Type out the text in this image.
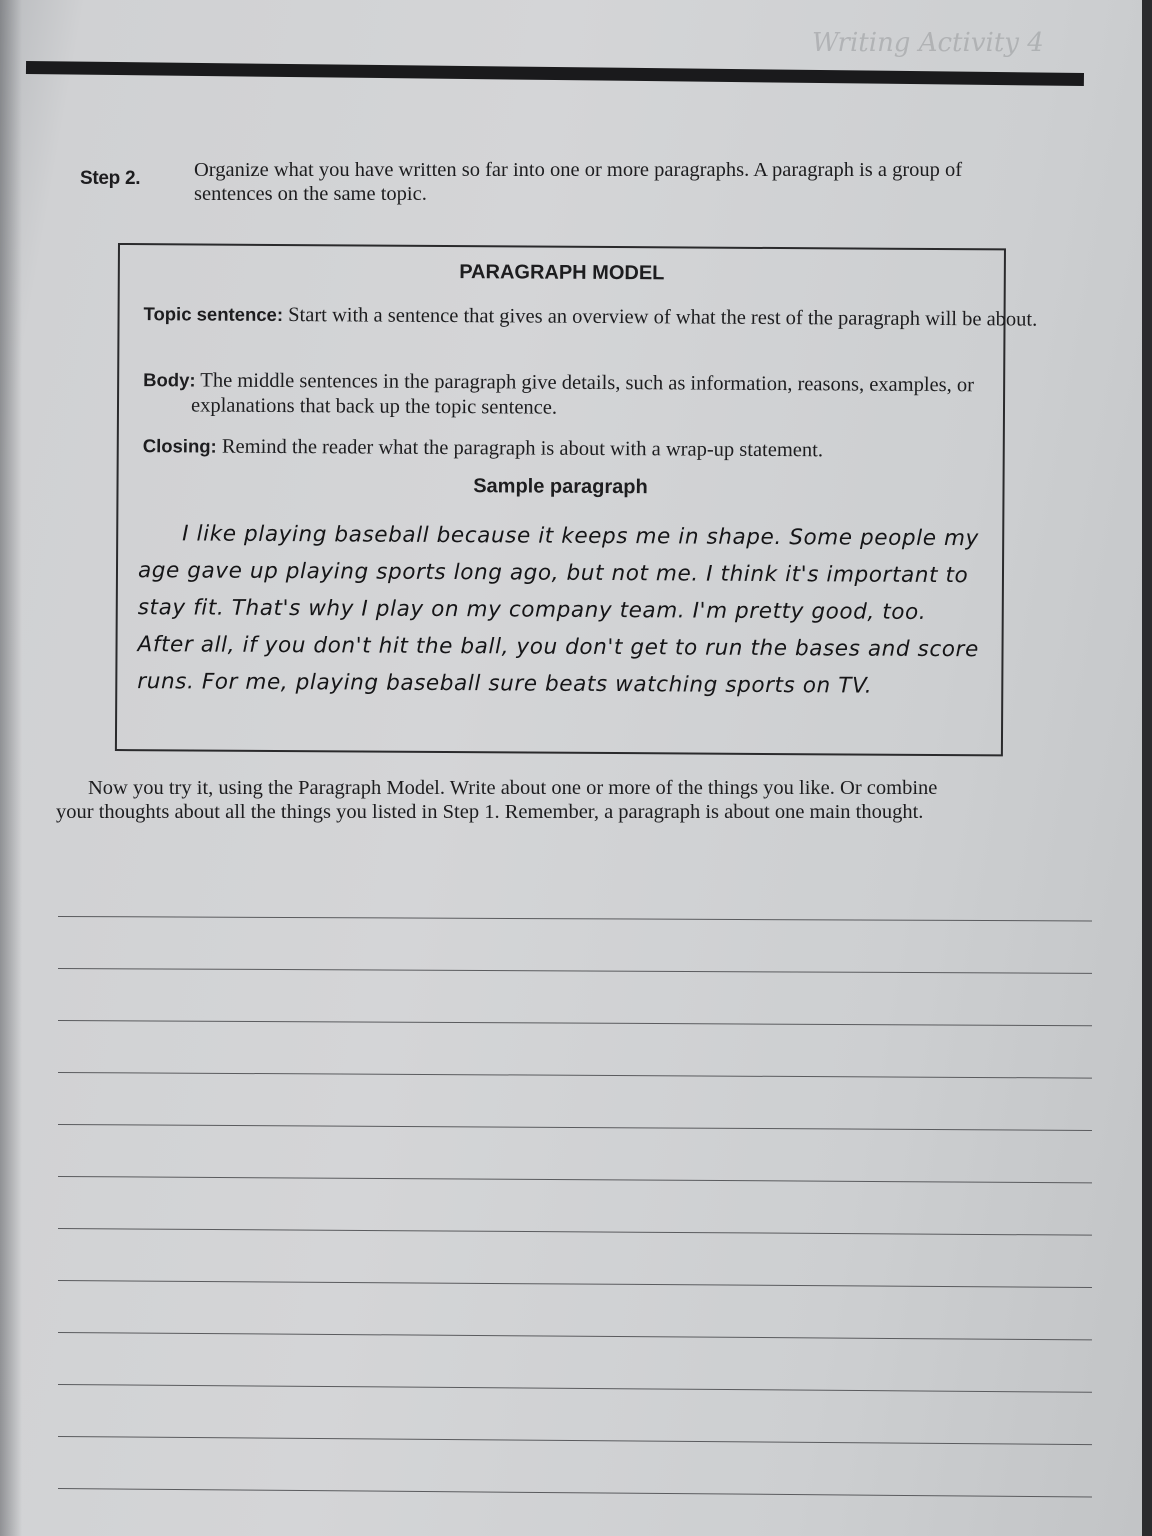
Writing Activity 4
Step 2.	Organize what you have written so far into one or more paragraphs. A paragraph is a group of sentences on the same topic.
PARAGRAPH MODEL
Topic sentence: Start with a sentence that gives an overview of what the rest of the paragraph will be about.
Body: The middle sentences in the paragraph give details, such as information, reasons, examples, or explanations that back up the topic sentence.
Closing: Remind the reader what the paragraph is about with a wrap-up statement.
Sample paragraph
I like playing baseball because it keeps me in shape. Some people my age gave up playing sports long ago, but not me. I think it's important to stay fit. That's why I play on my company team. I'm pretty good, too. After all, if you don't hit the ball, you don't get to run the bases and score runs. For me, playing baseball sure beats watching sports on TV.
Now you try it, using the Paragraph Model. Write about one or more of the things you like. Or combine
your thoughts about all the things you listed in Step 1. Remember, a paragraph is about one main thought.
